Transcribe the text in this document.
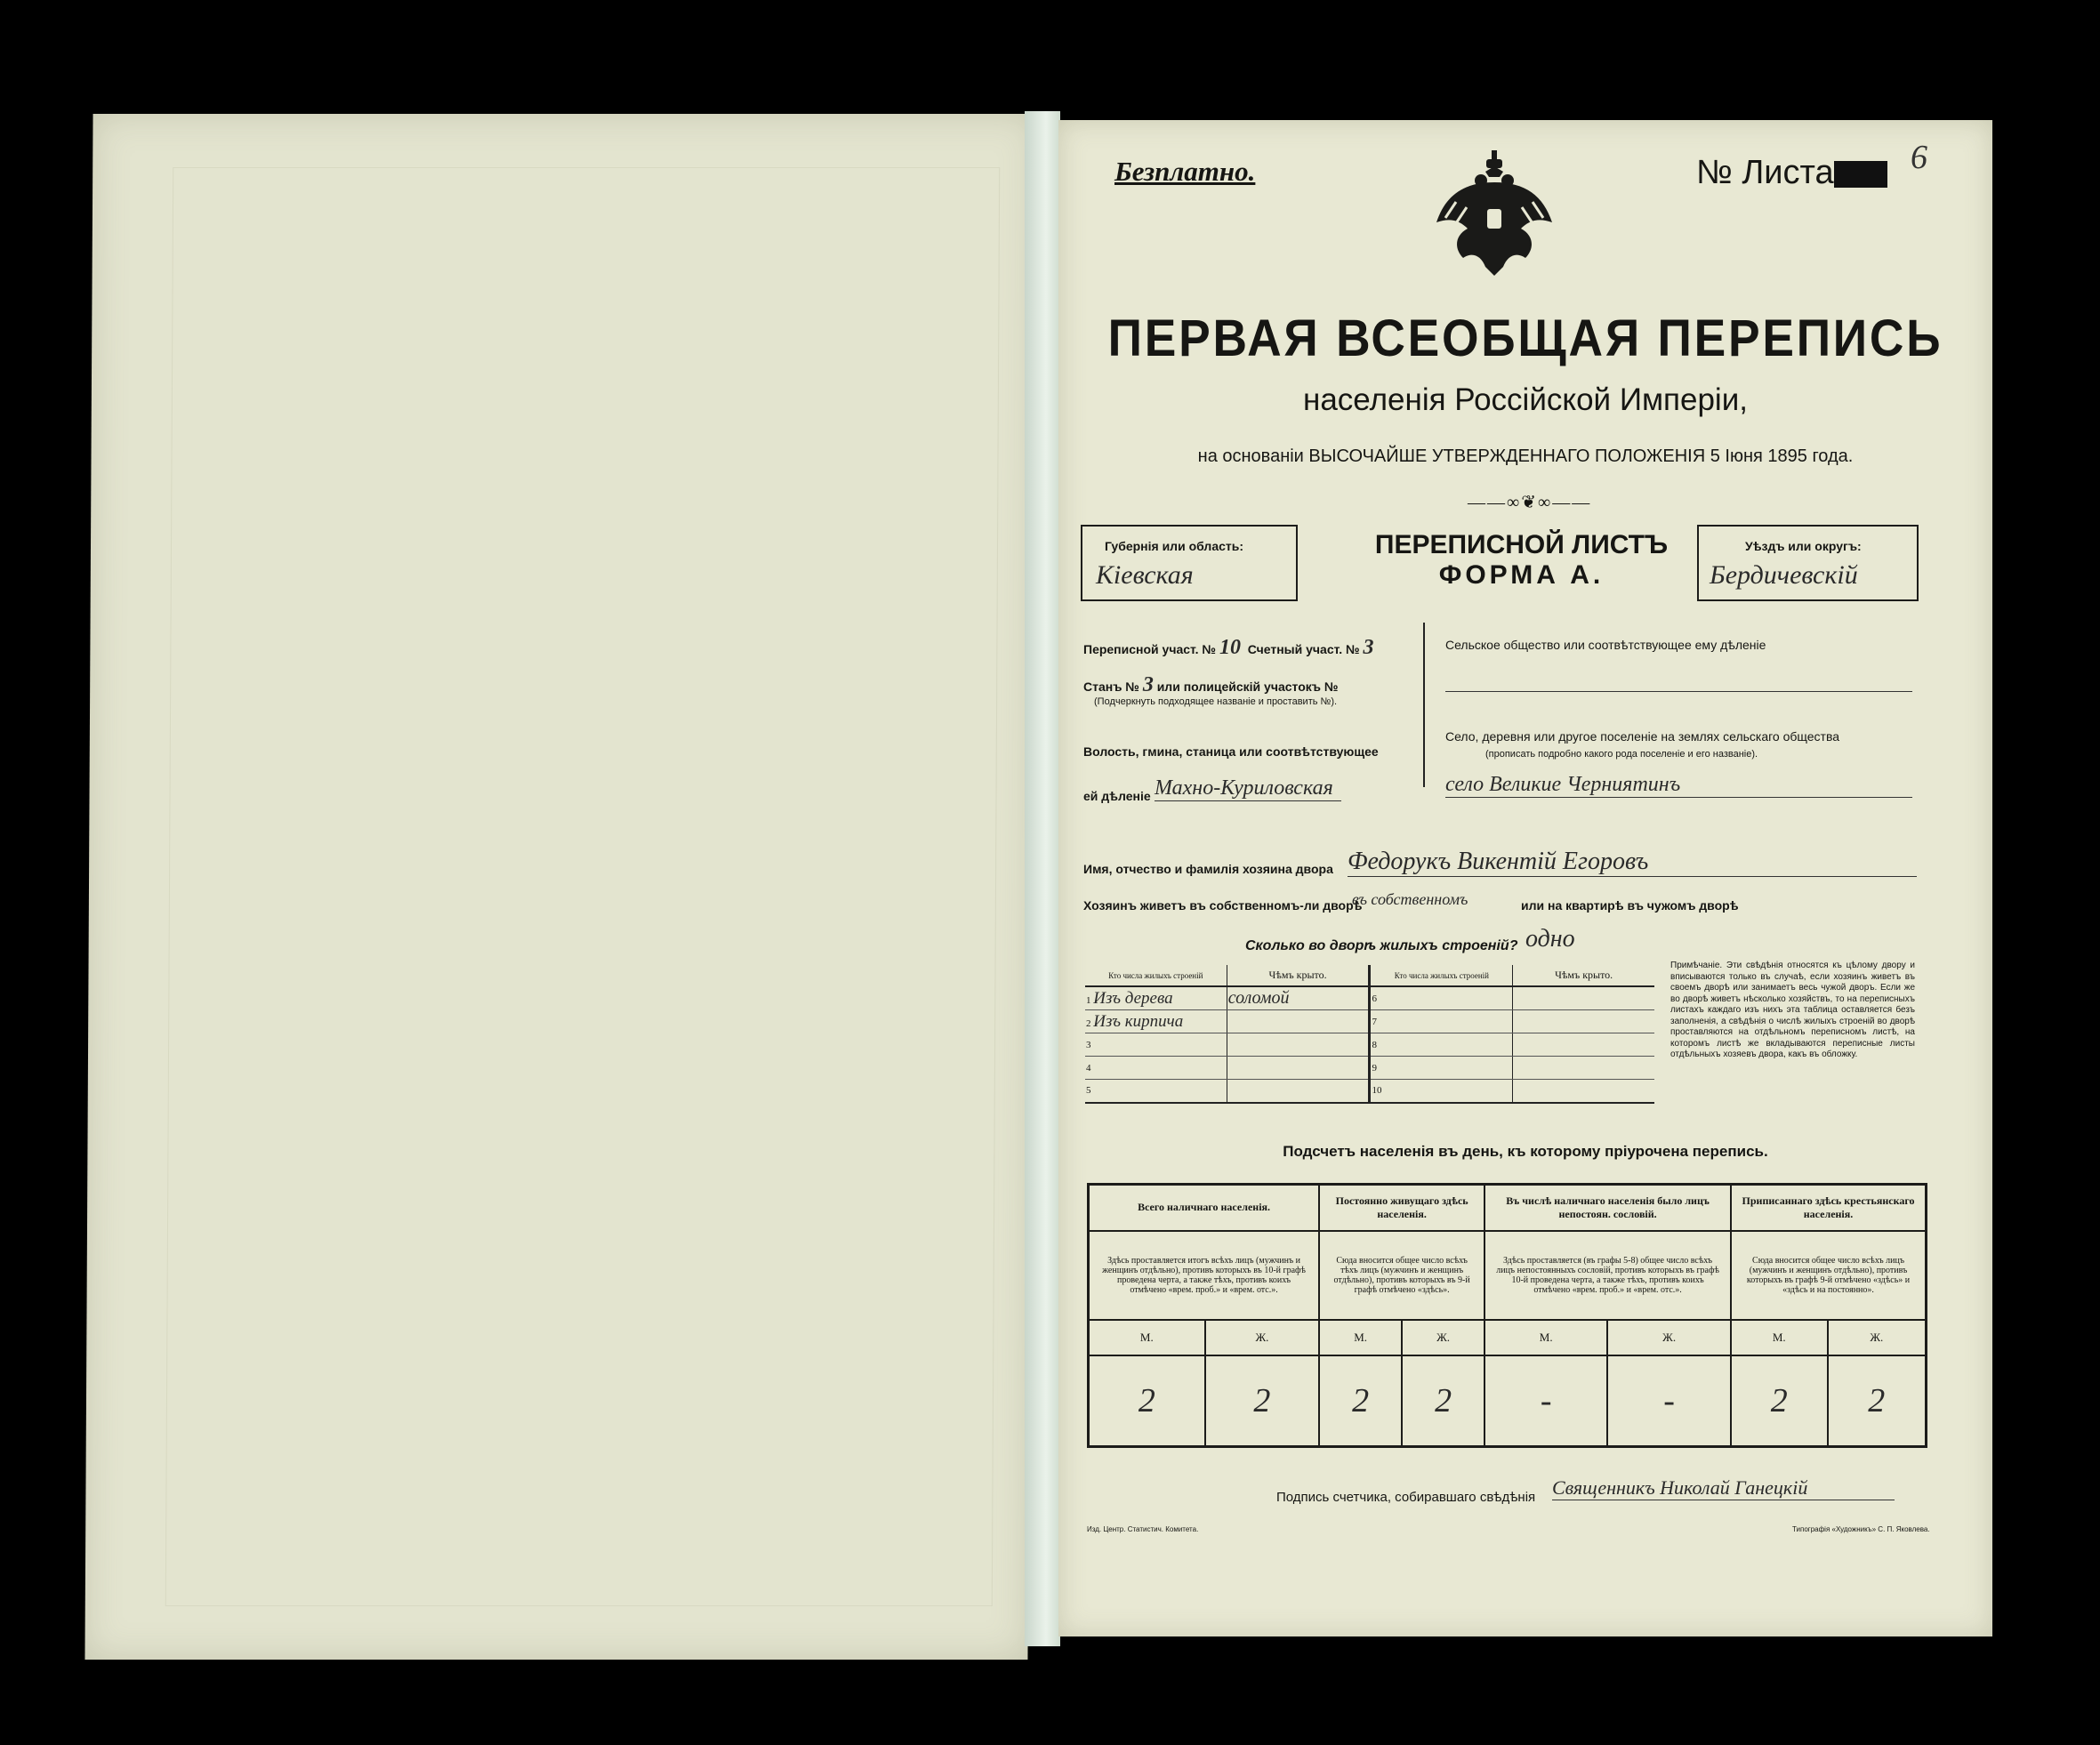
Безплатно.	№ Листа	6
ПЕРВАЯ ВСЕОБЩАЯ ПЕРЕПИСЬ
населенія Россійской Имперіи,
на основаніи ВЫСОЧАЙШЕ УТВЕРЖДЕННАГО ПОЛОЖЕНІЯ 5 Іюня 1895 года.
——∞❦∞——
Губернія или область:
Кіевская
ПЕРЕПИСНОЙ ЛИСТЪ
ФОРМА А.
Уѣздъ или округъ:
Бердичевскій
Переписной участ. № 10 Счетный участ. № 3
Станъ № 3 или полицейскій участокъ №
(Подчеркнуть подходящее названіе и проставить №).
Волость, гмина, станица или соотвѣтствующее
ей дѣленіе Махно-Куриловская
Сельское общество или соотвѣтствующее ему дѣленіе
Село, деревня или другое поселеніе на землях сельскаго общества
(прописать подробно какого рода поселеніе и его названіе).
село Великие Черниятинъ
Имя, отчество и фамилія хозяина двора Федорукъ Викентій Егоровъ
Хозяинъ живетъ въ собственномъ-ли дворѣ
въ собственномъ	или на квартирѣ въ чужомъ дворѣ
Сколько во дворѣ жилыхъ строеній? одно
Кто числа жилыхъ строеній	Чѣмъ крыто.	Кто числа жилыхъ строеній	Чѣмъ крыто.
1 Изъ дерева	соломой	6	
2 Изъ кирпича		7	
3		8	
4		9	
5		10	
Примѣчаніе. Эти свѣдѣнія относятся къ цѣлому двору и вписываются только въ случаѣ, если хозяинъ живетъ въ своемъ дворѣ или занимаетъ весь чужой дворъ. Если же во дворѣ живетъ нѣсколько хозяйствъ, то на переписныхъ листахъ каждаго изъ нихъ эта таблица оставляется безъ заполненія, а свѣдѣнія о числѣ жилыхъ строеній во дворѣ проставляются на отдѣльномъ переписномъ листѣ, на которомъ листѣ же вкладываются переписные листы отдѣльныхъ хозяевъ двора, какъ въ обложку.
Подсчетъ населенія въ день, къ которому пріурочена перепись.
Всего наличнаго населенія.		Постоянно живущаго здѣсь населенія.		Въ числѣ наличнаго населенія было лицъ непостоян. сословій.		Приписаннаго здѣсь крестьянскаго населенія.	
Здѣсь проставляется итогъ всѣхъ лицъ (мужчинъ и женщинъ отдѣльно), противъ которыхъ въ 10-й графѣ проведена черта, а также тѣхъ, противъ коихъ отмѣчено «врем. проб.» и «врем. отс.».		Сюда вносится общее число всѣхъ тѣхъ лицъ (мужчинъ и женщинъ отдѣльно), противъ которыхъ въ 9-й графѣ отмѣчено «здѣсь».		Здѣсь проставляется (въ графы 5-8) общее число всѣхъ лицъ непостоянныхъ сословій, противъ которыхъ въ графѣ 10-й проведена черта, а также тѣхъ, противъ коихъ отмѣчено «врем. проб.» и «врем. отс.».		Сюда вносится общее число всѣхъ лицъ (мужчинъ и женщинъ отдѣльно), противъ которыхъ въ графѣ 9-й отмѣчено «здѣсь» и «здѣсь и на постоянно».	
М.	Ж.	М.	Ж.	М.	Ж.	М.	Ж.
2	2	2	2	-	-	2	2
Подпись счетчика, собиравшаго свѣдѣнія Священникъ Николай Ганецкій
Изд. Центр. Статистич. Комитета.	Типографія «Художникъ» С. П. Яковлева.
